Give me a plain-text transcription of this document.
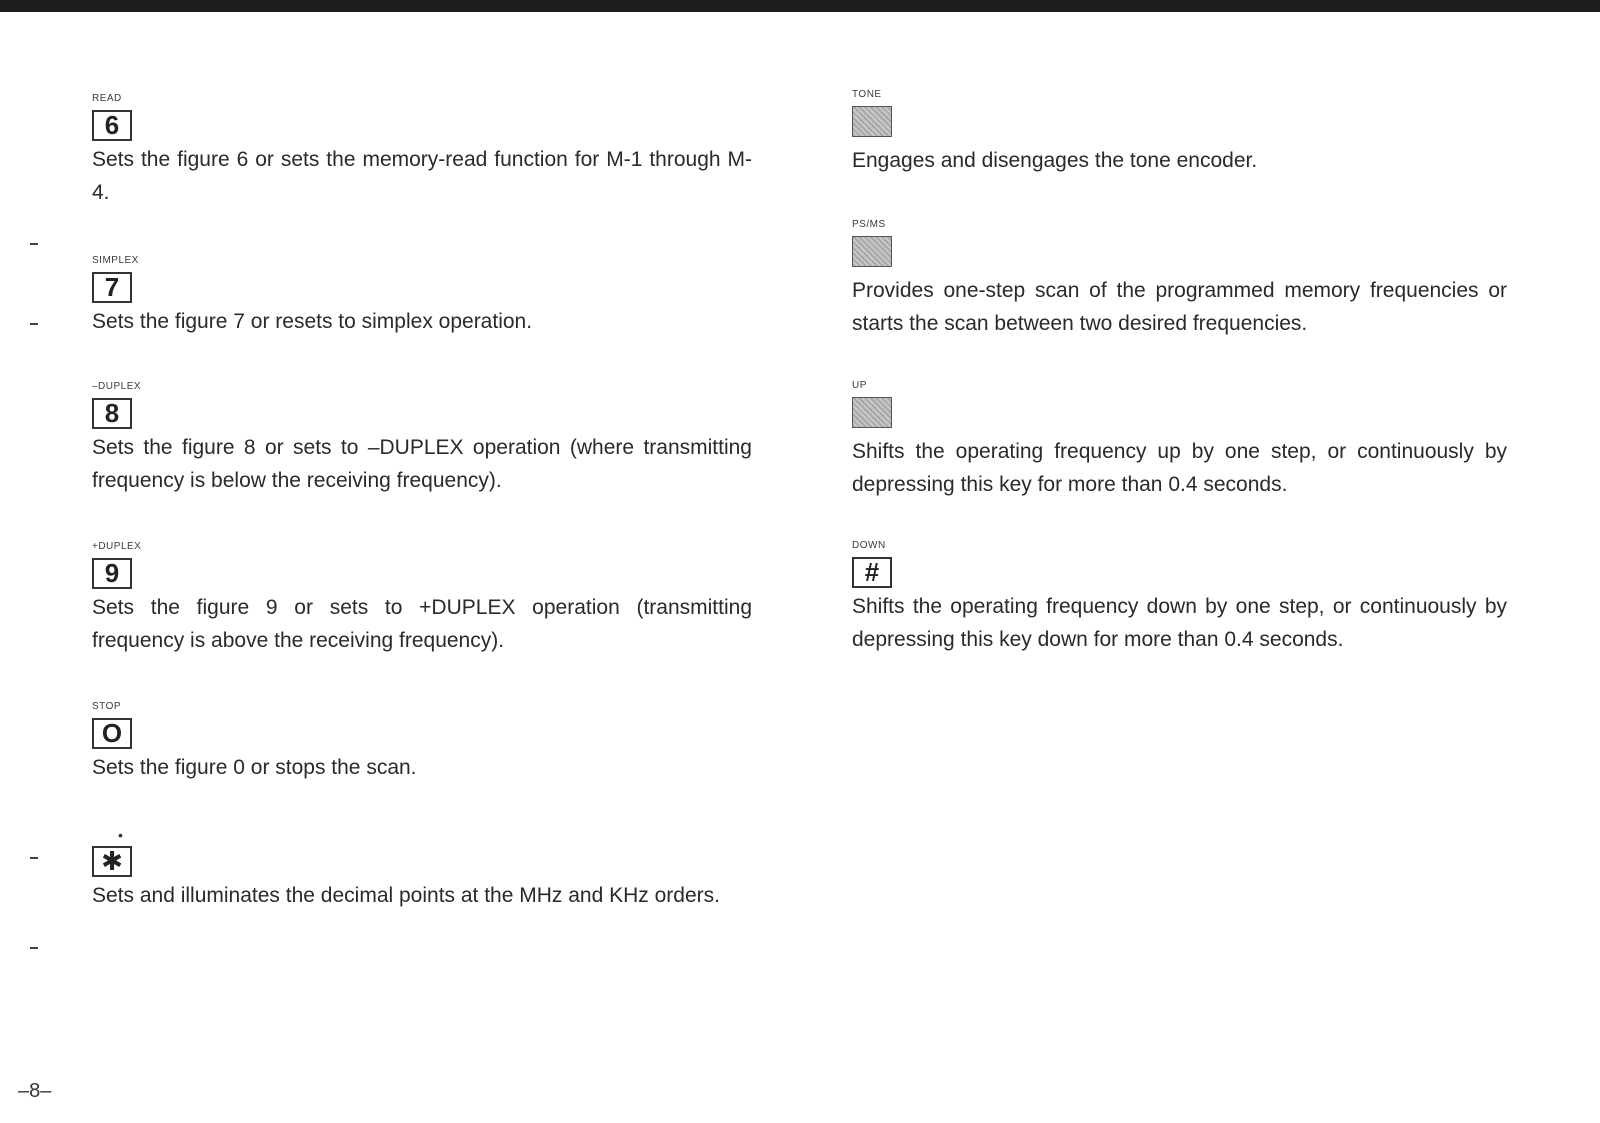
READ
6
Sets the figure 6 or sets the memory-read function for M-1 through M-4.
SIMPLEX
7
Sets the figure 7 or resets to simplex operation.
–DUPLEX
8
Sets the figure 8 or sets to –DUPLEX operation (where transmitting frequency is below the receiving frequency).
+DUPLEX
9
Sets the figure 9 or sets to +DUPLEX operation (transmitting frequency is above the receiving frequency).
STOP
O
Sets the figure 0 or stops the scan.
•
✱
Sets and illuminates the decimal points at the MHz and KHz orders.
TONE
Engages and disengages the tone encoder.
PS/MS
Provides one-step scan of the programmed memory frequencies or starts the scan between two desired frequencies.
UP
Shifts the operating frequency up by one step, or continuously by depressing this key for more than 0.4 seconds.
DOWN
#
Shifts the operating frequency down by one step, or continuously by depressing this key down for more than 0.4 seconds.
–8–
